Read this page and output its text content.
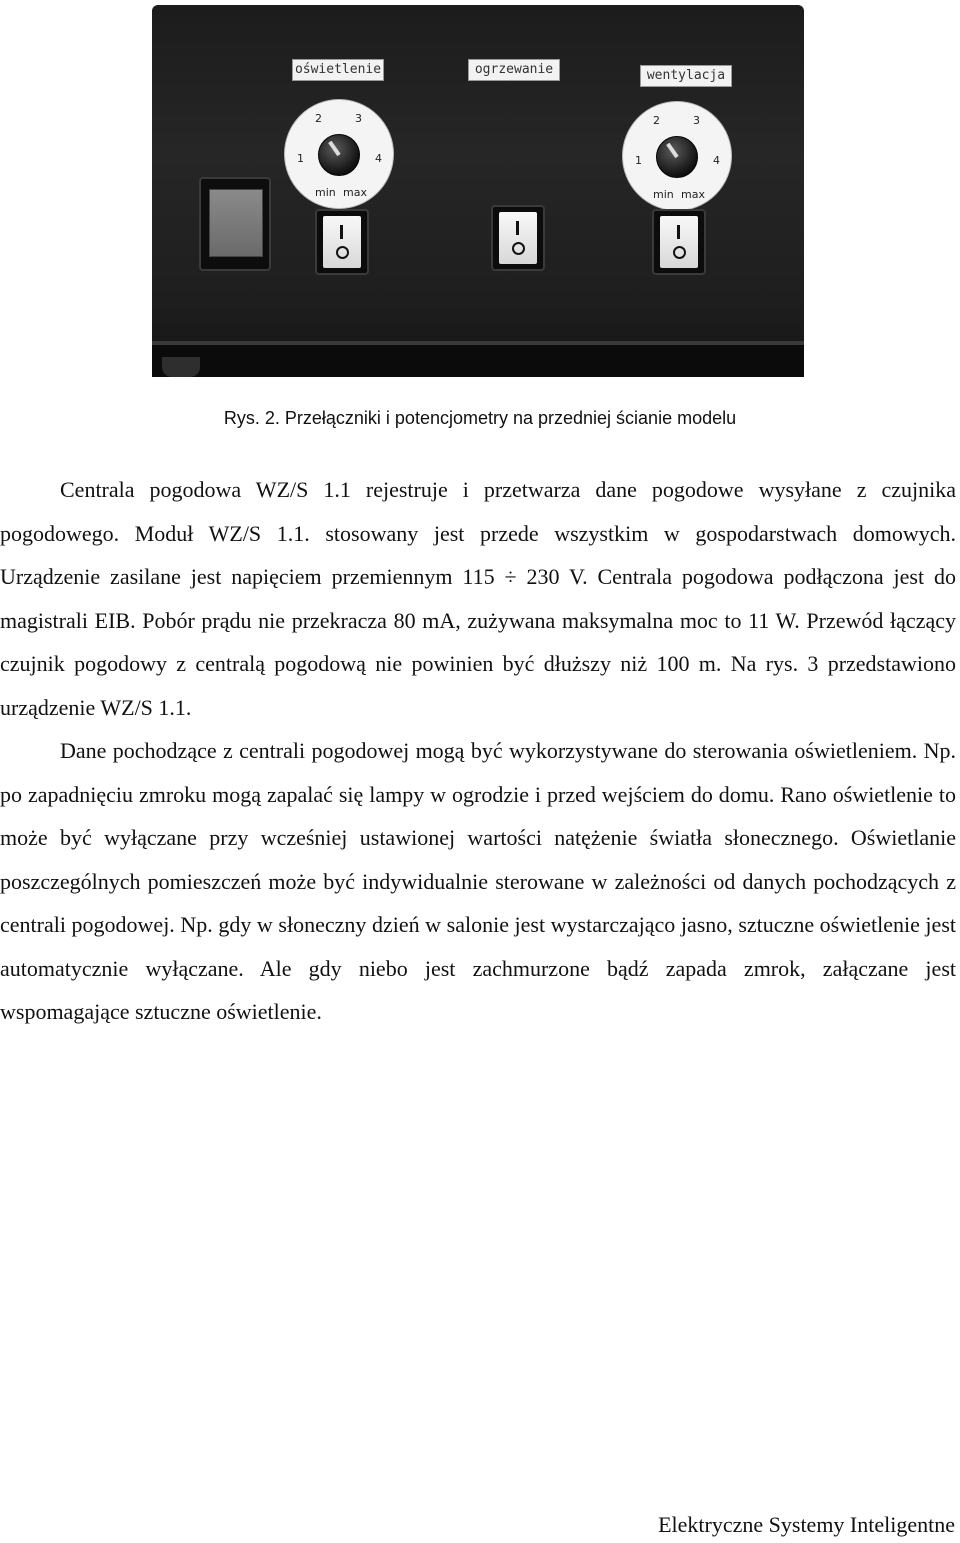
oświetlenie	ogrzewanie	wentylacja
1
2	3
4
min max
1
2	3
4
min max
Rys. 2. Przełączniki i potencjometry na przedniej ścianie modelu

Centrala pogodowa WZ/S 1.1 rejestruje i przetwarza dane pogodowe wysyłane z czujnika pogodowego. Moduł WZ/S 1.1. stosowany jest przede wszystkim w gospodarstwach domowych. Urządzenie zasilane jest napięciem przemiennym 115 ÷ 230 V. Centrala pogodowa podłączona jest do magistrali EIB. Pobór prądu nie przekracza 80 mA, zużywana maksymalna moc to 11 W. Przewód łączący czujnik pogodowy z centralą pogodową nie powinien być dłuższy niż 100 m. Na rys. 3 przedstawiono urządzenie WZ/S 1.1.

Dane pochodzące z centrali pogodowej mogą być wykorzystywane do sterowania oświetleniem. Np. po zapadnięciu zmroku mogą zapalać się lampy w ogrodzie i przed wejściem do domu. Rano oświetlenie to może być wyłączane przy wcześniej ustawionej wartości natężenie światła słonecznego. Oświetlanie poszczególnych pomieszczeń może być indywidualnie sterowane w zależności od danych pochodzących z centrali pogodowej. Np. gdy w słoneczny dzień w salonie jest wystarczająco jasno, sztuczne oświetlenie jest automatycznie wyłączane. Ale gdy niebo jest zachmurzone bądź zapada zmrok, załączane jest wspomagające sztuczne oświetlenie.

Elektryczne Systemy Inteligentne
